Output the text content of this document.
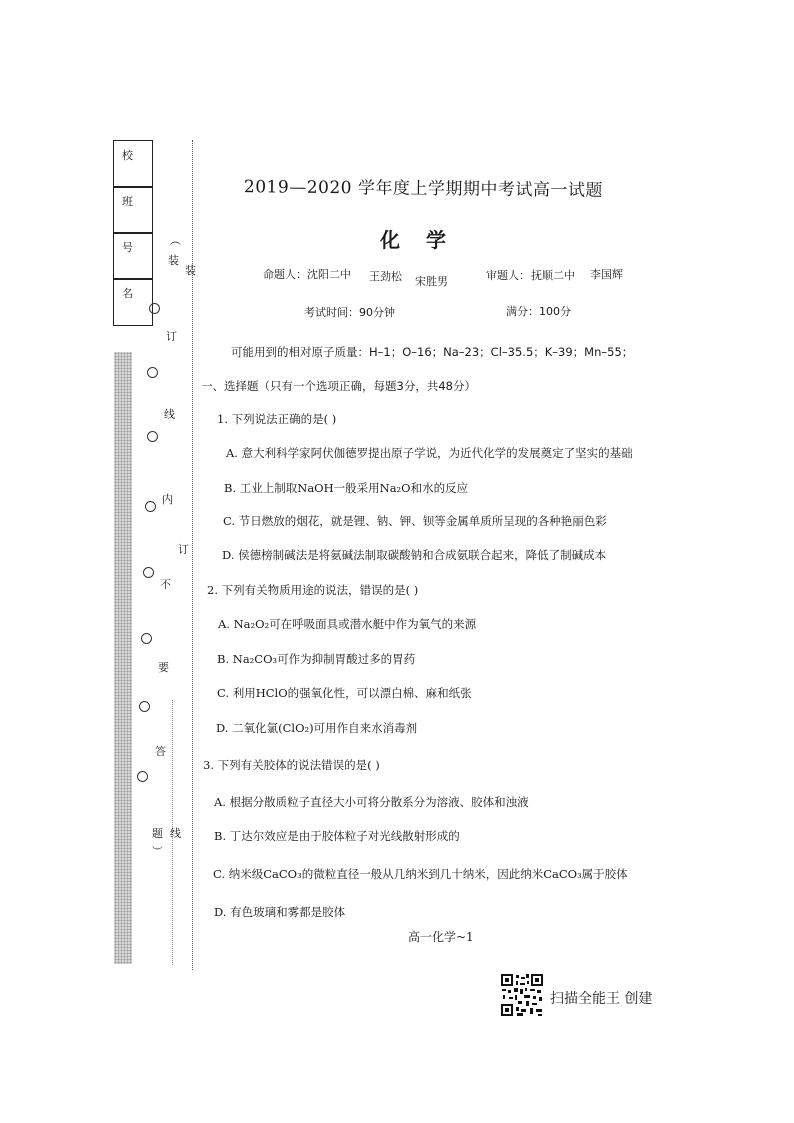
校
班
号
名
（
装
订
线
内
不
要
答
题
）
装
订
线
2019—2020 学年度上学期期中考试高一试题
化学
命题人： 沈阳二中 王劲松 宋胜男	审题人： 抚顺二中 李国辉
考试时间：90分钟	满分：100分
可能用到的相对原子质量：H–1；O–16；Na–23；Cl–35.5；K–39；Mn–55；
一、选择题（只有一个选项正确，每题3分，共48分）
1. 下列说法正确的是( )
A. 意大利科学家阿伏伽德罗提出原子学说，为近代化学的发展奠定了坚实的基础
B. 工业上制取NaOH一般采用Na₂O和水的反应
C. 节日燃放的烟花，就是锂、钠、钾、钡等金属单质所呈现的各种艳丽色彩
D. 侯德榜制碱法是将氨碱法制取碳酸钠和合成氨联合起来，降低了制碱成本
2. 下列有关物质用途的说法，错误的是( )
A. Na₂O₂可在呼吸面具或潜水艇中作为氧气的来源
B. Na₂CO₃可作为抑制胃酸过多的胃药
C. 利用HClO的强氧化性，可以漂白棉、麻和纸张
D. 二氧化氯(ClO₂)可用作自来水消毒剂
3. 下列有关胶体的说法错误的是( )
A. 根据分散质粒子直径大小可将分散系分为溶液、胶体和浊液
B. 丁达尔效应是由于胶体粒子对光线散射形成的
C. 纳米级CaCO₃的微粒直径一般从几纳米到几十纳米，因此纳米CaCO₃属于胶体
D. 有色玻璃和雾都是胶体
高一化学~1
扫描全能王 创建
